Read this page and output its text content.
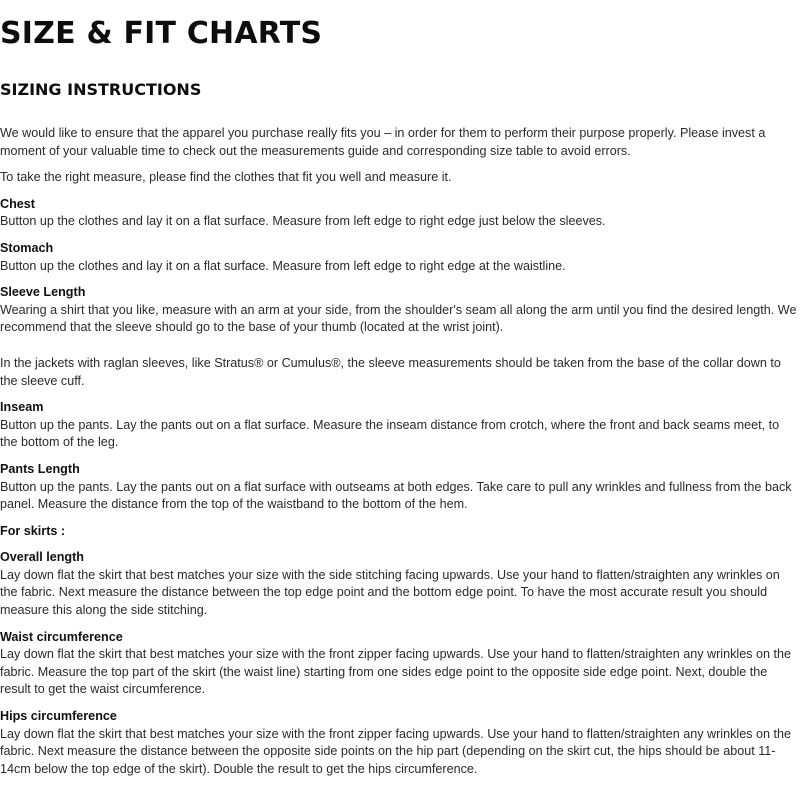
SIZE & FIT CHARTS
SIZING INSTRUCTIONS

We would like to ensure that the apparel you purchase really fits you – in order for them to perform their purpose properly. Please invest a moment of your valuable time to check out the measurements guide and corresponding size table to avoid errors.

To take the right measure, please find the clothes that fit you well and measure it.

Chest
Button up the clothes and lay it on a flat surface. Measure from left edge to right edge just below the sleeves.
Stomach
Button up the clothes and lay it on a flat surface. Measure from left edge to right edge at the waistline.
Sleeve Length
Wearing a shirt that you like, measure with an arm at your side, from the shoulder's seam all along the arm until you find the desired length. We recommend that the sleeve should go to the base of your thumb (located at the wrist joint).

In the jackets with raglan sleeves, like Stratus® or Cumulus®, the sleeve measurements should be taken from the base of the collar down to the sleeve cuff.

Inseam
Button up the pants. Lay the pants out on a flat surface. Measure the inseam distance from crotch, where the front and back seams meet, to the bottom of the leg.
Pants Length
Button up the pants. Lay the pants out on a flat surface with outseams at both edges. Take care to pull any wrinkles and fullness from the back panel. Measure the distance from the top of the waistband to the bottom of the hem.

For skirts :

Overall length
Lay down flat the skirt that best matches your size with the side stitching facing upwards. Use your hand to flatten/straighten any wrinkles on the fabric. Next measure the distance between the top edge point and the bottom edge point. To have the most accurate result you should measure this along the side stitching.
Waist circumference
Lay down flat the skirt that best matches your size with the front zipper facing upwards. Use your hand to flatten/straighten any wrinkles on the fabric. Measure the top part of the skirt (the waist line) starting from one sides edge point to the opposite side edge point. Next, double the result to get the waist circumference.
Hips circumference
Lay down flat the skirt that best matches your size with the front zipper facing upwards. Use your hand to flatten/straighten any wrinkles on the fabric. Next measure the distance between the opposite side points on the hip part (depending on the skirt cut, the hips should be about 11-14cm below the top edge of the skirt). Double the result to get the hips circumference.
